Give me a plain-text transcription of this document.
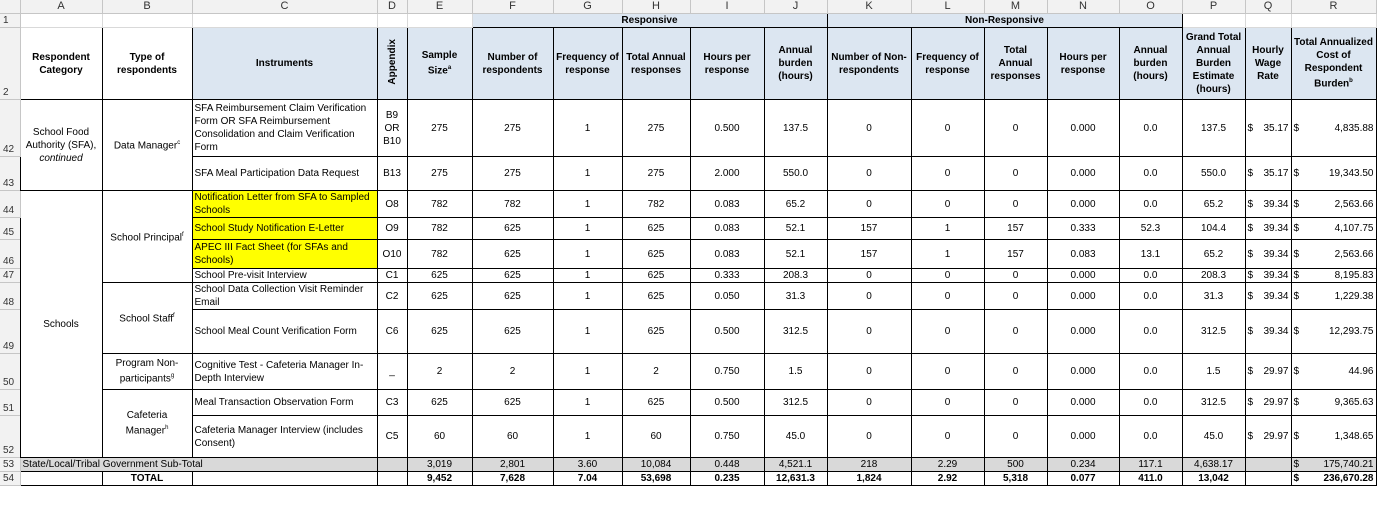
	A	B	C	D	E	F	G	H	I	J	K	L	M	N	O	P	Q	R
1						Responsive					Non-Responsive							
2	Respondent Category	Type of respondents	Instruments	Appendix	Sample Size$^a$	Number of respondents	Frequency of response	Total Annual responses	Hours per response	Annual burden (hours)	Number of Non-respondents	Frequency of response	Total Annual responses	Hours per response	Annual burden (hours)	Grand Total Annual Burden Estimate (hours)	Hourly Wage Rate	Total Annualized Cost of Respondent Burden$^b$
42	School Food Authority (SFA),
continued	Data Manager$^c$	SFA Reimbursement Claim Verification Form OR SFA Reimbursement Consolidation and Claim Verification Form	B9 OR B10	275	275	1	275	0.500	137.5	0	0	0	0.000	0.0	137.5	$ 35.17	$ 4,835.88

43			SFA Meal Participation Data Request	B13	275	275	1	275	2.000	550.0	0	0	0	0.000	0.0	550.0	$ 35.17	$ 19,343.50

44	Schools	School Principal$^f$	Notification Letter from SFA to Sampled Schools	O8	782	782	1	782	0.083	65.2	0	0	0	0.000	0.0	65.2	$ 39.34	$ 2,563.66

45			School Study Notification E-Letter	O9	782	625	1	625	0.083	52.1	157	1	157	0.333	52.3	104.4	$ 39.34	$ 4,107.75

46			APEC III Fact Sheet (for SFAs and Schools)	O10	782	625	1	625	0.083	52.1	157	1	157	0.083	13.1	65.2	$ 39.34	$ 2,563.66

47			School Pre-visit Interview	C1	625	625	1	625	0.333	208.3	0	0	0	0.000	0.0	208.3	$ 39.34	$ 8,195.83

48		School Staff$^f$	School Data Collection Visit Reminder Email	C2	625	625	1	625	0.050	31.3	0	0	0	0.000	0.0	31.3	$ 39.34	$ 1,229.38

49			School Meal Count Verification Form	C6	625	625	1	625	0.500	312.5	0	0	0	0.000	0.0	312.5	$ 39.34	$ 12,293.75

50		Program Non-participants$^g$	Cognitive Test - Cafeteria Manager In-Depth Interview	_	2	2	1	2	0.750	1.5	0	0	0	0.000	0.0	1.5	$ 29.97	$ 44.96

51		Cafeteria Manager$^h$	Meal Transaction Observation Form	C3	625	625	1	625	0.500	312.5	0	0	0	0.000	0.0	312.5	$ 29.97	$ 9,365.63

52			Cafeteria Manager Interview (includes Consent)	C5	60	60	1	60	0.750	45.0	0	0	0	0.000	0.0	45.0	$ 29.97	$ 1,348.65

53	State/Local/Tribal Government Sub-Total				3,019	2,801	3.60	10,084	0.448	4,521.1	218	2.29	500	0.234	117.1	4,638.17		$ 175,740.21

54		TOTAL			9,452	7,628	7.04	53,698	0.235	12,631.3	1,824	2.92	5,318	0.077	411.0	13,042		$ 236,670.28
